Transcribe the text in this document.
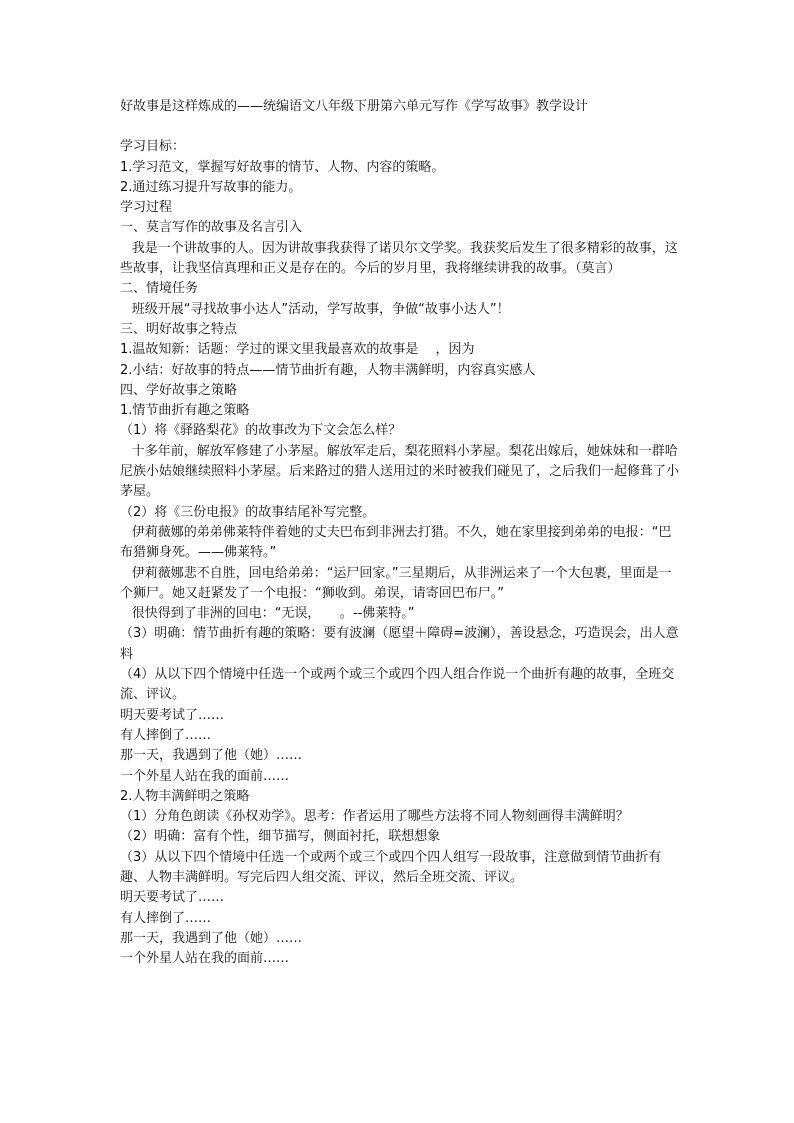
好故事是这样炼成的——统编语文八年级下册第六单元写作《学写故事》教学设计

学习目标：

1.学习范文，掌握写好故事的情节、人物、内容的策略。

2.通过练习提升写故事的能力。

学习过程

一、莫言写作的故事及名言引入

我是一个讲故事的人。因为讲故事我获得了诺贝尔文学奖。我获奖后发生了很多精彩的故事，这些故事，让我坚信真理和正义是存在的。今后的岁月里，我将继续讲我的故事。（莫言）

二、情境任务

班级开展“寻找故事小达人”活动，学写故事，争做“故事小达人”！

三、明好故事之特点

1.温故知新：话题：学过的课文里我最喜欢的故事是　 ，因为

2.小结：好故事的特点——情节曲折有趣，人物丰满鲜明，内容真实感人

四、学好故事之策略

1.情节曲折有趣之策略

（1）将《驿路梨花》的故事改为下文会怎么样？

十多年前，解放军修建了小茅屋。解放军走后，梨花照料小茅屋。梨花出嫁后，她妹妹和一群哈尼族小姑娘继续照料小茅屋。后来路过的猎人送用过的米时被我们碰见了，之后我们一起修葺了小茅屋。

（2）将《三份电报》的故事结尾补写完整。

伊莉薇娜的弟弟佛莱特伴着她的丈夫巴布到非洲去打猎。不久，她在家里接到弟弟的电报：“巴布猎狮身死。——佛莱特。”

伊莉薇娜悲不自胜，回电给弟弟：“运尸回家。”三星期后，从非洲运来了一个大包裹，里面是一个狮尸。她又赶紧发了一个电报：“狮收到。弟误，请寄回巴布尸。”

很快得到了非洲的回电：“无误，　　。--佛莱特。”

（3）明确：情节曲折有趣的策略：要有波澜（愿望＋障碍=波澜），善设悬念，巧造误会，出人意料

（4）从以下四个情境中任选一个或两个或三个或四个四人组合作说一个曲折有趣的故事，全班交流、评议。

明天要考试了……

有人摔倒了……

那一天，我遇到了他（她）……

一个外星人站在我的面前……

2.人物丰满鲜明之策略

（1）分角色朗读《孙权劝学》。思考：作者运用了哪些方法将不同人物刻画得丰满鲜明？

（2）明确：富有个性，细节描写，侧面衬托，联想想象

（3）从以下四个情境中任选一个或两个或三个或四个四人组写一段故事，注意做到情节曲折有趣、人物丰满鲜明。写完后四人组交流、评议，然后全班交流、评议。

明天要考试了……

有人摔倒了……

那一天，我遇到了他（她）……

一个外星人站在我的面前……
